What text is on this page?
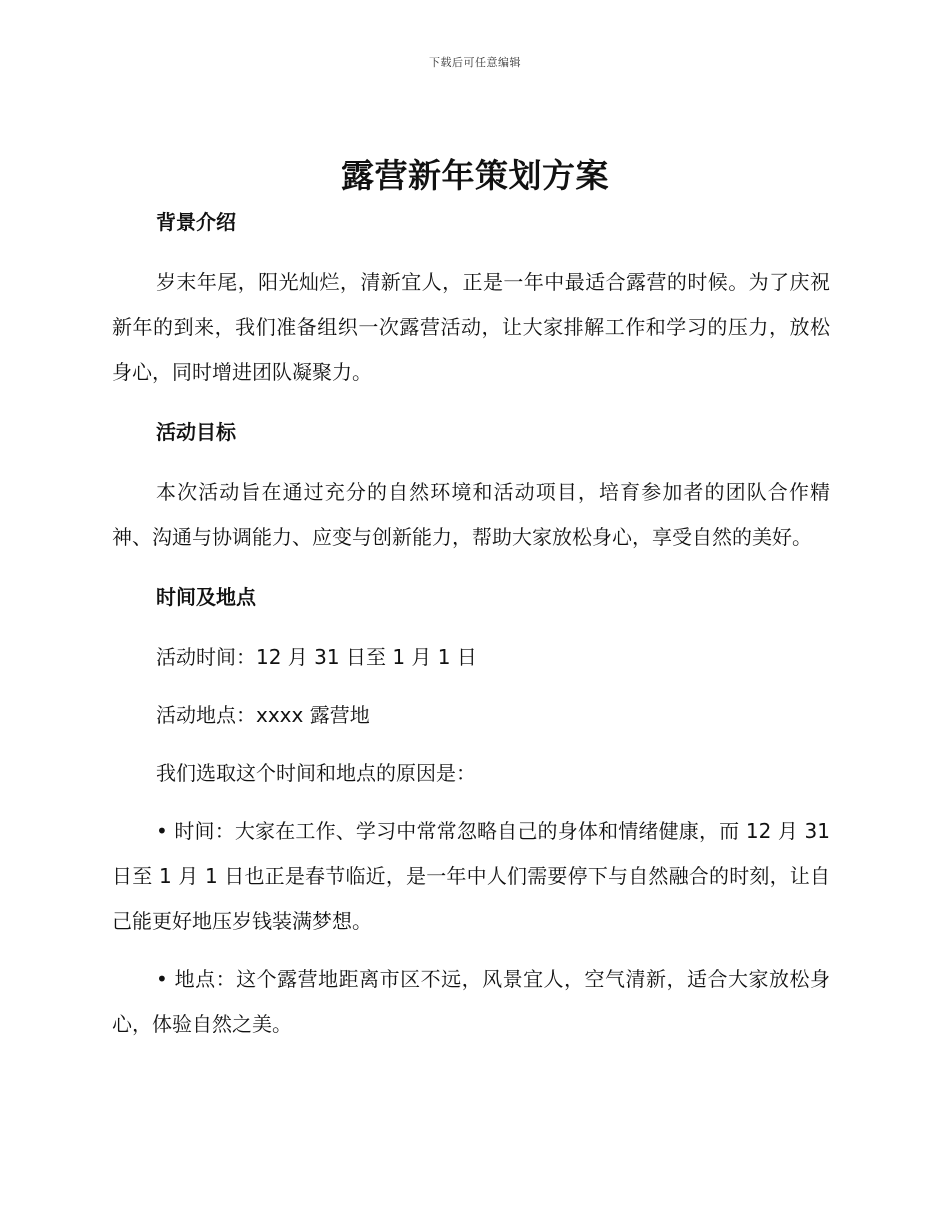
下载后可任意编辑
露营新年策划方案
背景介绍

岁末年尾，阳光灿烂，清新宜人，正是一年中最适合露营的时候。为了庆祝新年的到来，我们准备组织一次露营活动，让大家排解工作和学习的压力，放松身心，同时增进团队凝聚力。

活动目标

本次活动旨在通过充分的自然环境和活动项目，培育参加者的团队合作精神、沟通与协调能力、应变与创新能力，帮助大家放松身心，享受自然的美好。

时间及地点

活动时间：12 月 31 日至 1 月 1 日

活动地点：xxxx 露营地

我们选取这个时间和地点的原因是：

• 时间：大家在工作、学习中常常忽略自己的身体和情绪健康，而 12 月 31 日至 1 月 1 日也正是春节临近，是一年中人们需要停下与自然融合的时刻，让自己能更好地压岁钱装满梦想。

• 地点：这个露营地距离市区不远，风景宜人，空气清新，适合大家放松身心，体验自然之美。
